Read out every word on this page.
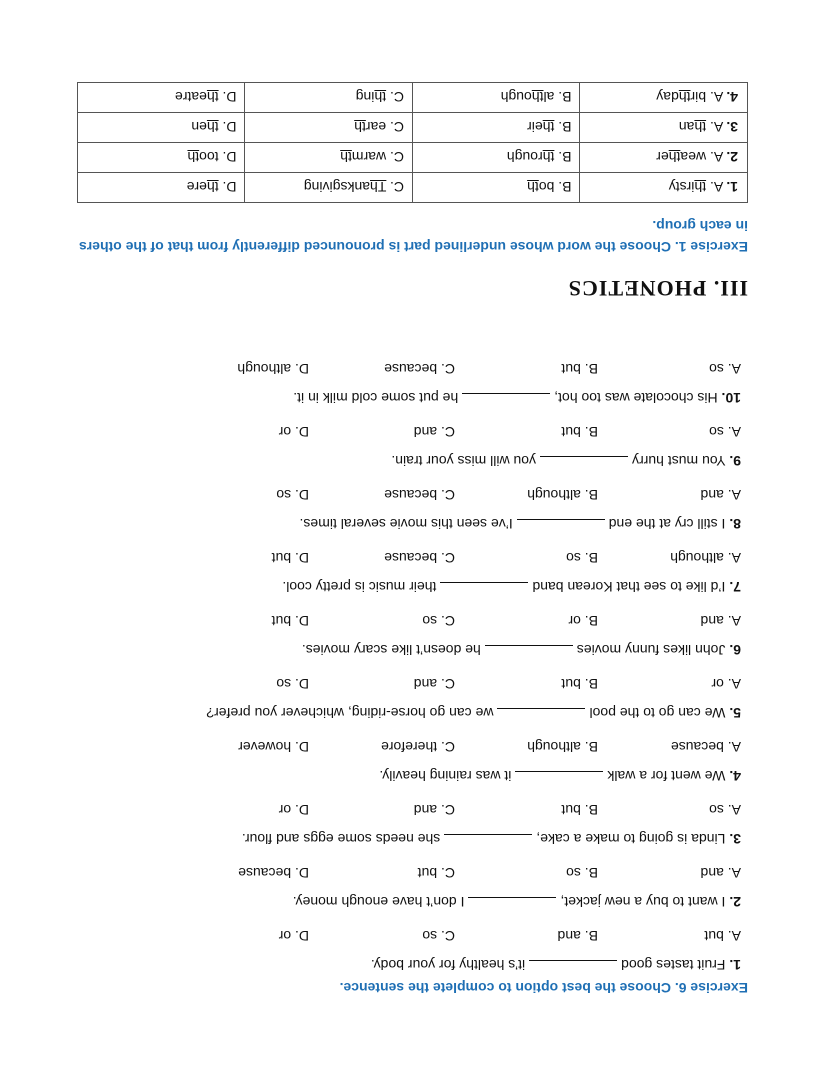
Exercise 6. Choose the best option to complete the sentence.
1. Fruit tastes goodit’s healthy for your body.
A. but
B. and
C. so
D. or
2. I want to buy a new jacket,I don’t have enough money.
A. and
B. so
C. but
D. because
3. Linda is going to make a cake,she needs some eggs and flour.
A. so
B. but
C. and
D. or
4. We went for a walkit was raining heavily.
A. because
B. although
C. therefore
D. however
5. We can go to the poolwe can go horse-riding, whichever you prefer?
A. or
B. but
C. and
D. so
6. John likes funny movieshe doesn’t like scary movies.
A. and
B. or
C. so
D. but
7. I’d like to see that Korean bandtheir music is pretty cool.
A. although
B. so
C. because
D. but
8. I still cry at the endI’ve seen this movie several times.
A. and
B. although
C. because
D. so
9. You must hurryyou will miss your train.
A. so
B. but
C. and
D. or
10. His chocolate was too hot,he put some cold milk in it.
A. so
B. but
C. because
D. although
III. PHONETICS
Exercise 1. Choose the word whose underlined part is pronounced differently from that of the others in each group.
1. A. thirsty	B. both	C. Thanksgiving	D. there
2. A. weather	B. through	C. warmth	D. tooth
3. A. than	B. their	C. earth	D. then
4. A. birthday	B. although	C. thing	D. theatre
